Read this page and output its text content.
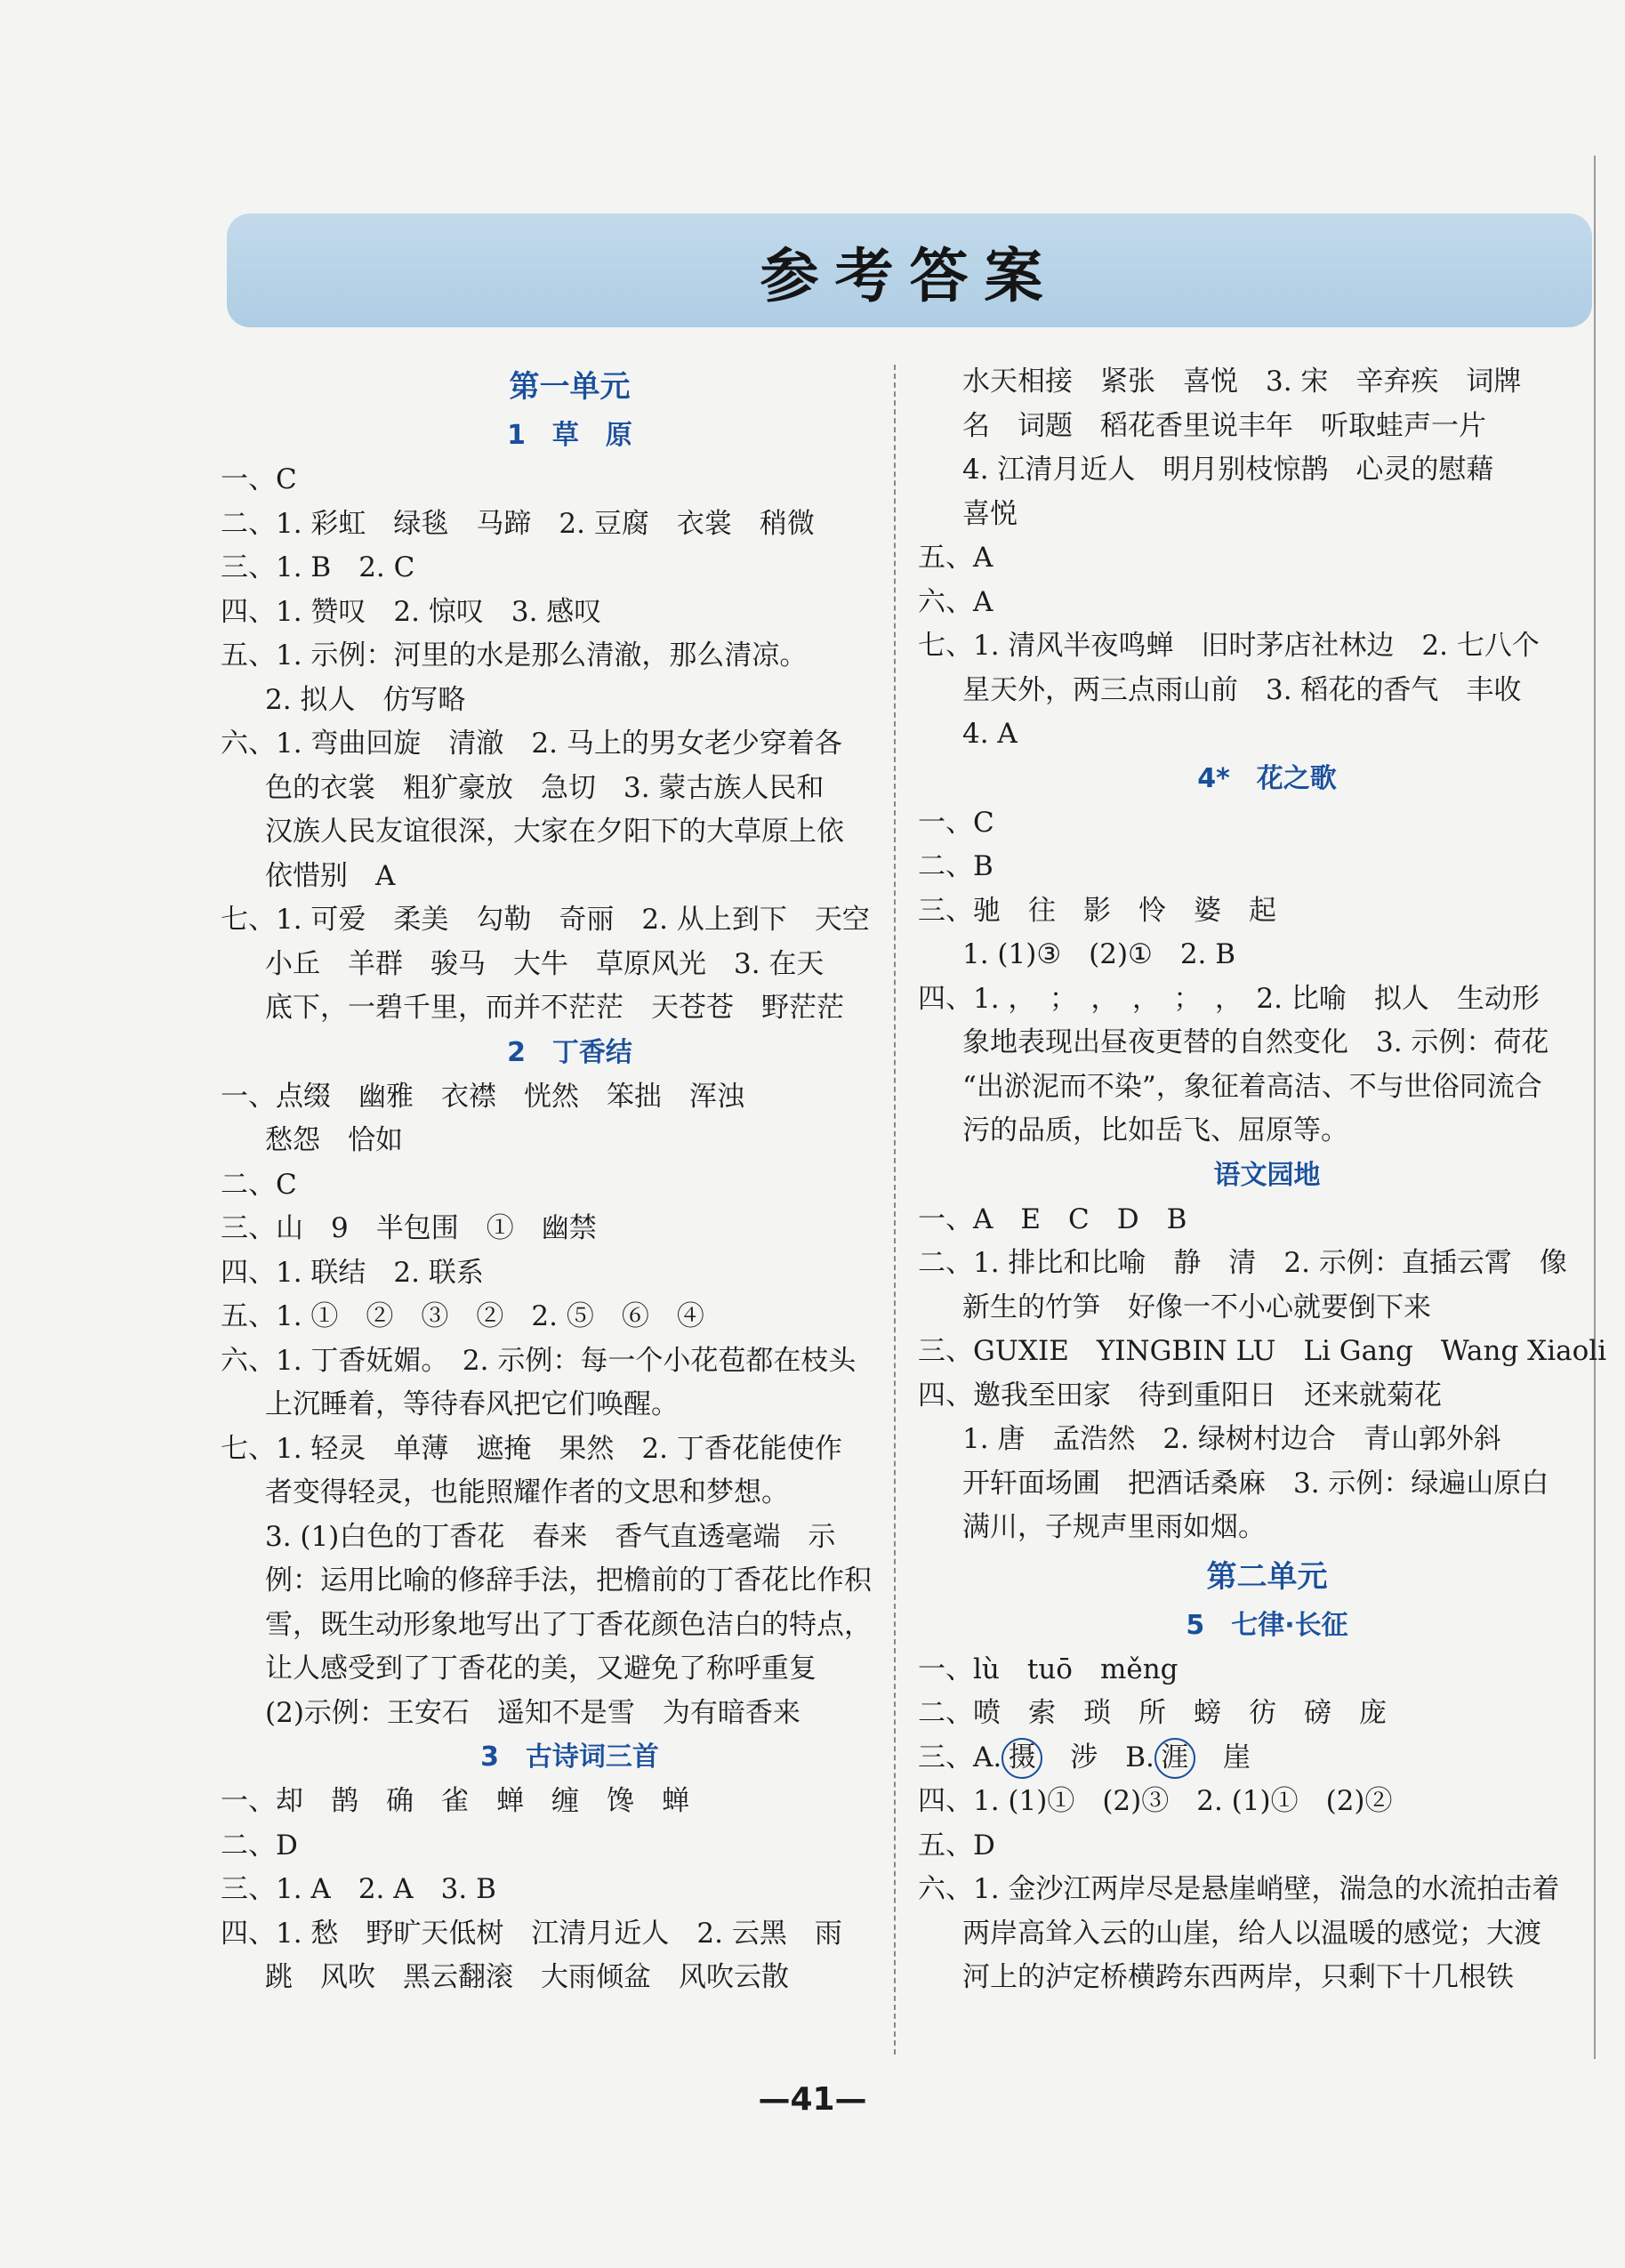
参考答案
第一单元
1　草　原
一、C
二、1. 彩虹　绿毯　马蹄　2. 豆腐　衣裳　稍微
三、1. B　2. C
四、1. 赞叹　2. 惊叹　3. 感叹
五、1. 示例：河里的水是那么清澈，那么清凉。
2. 拟人　仿写略
六、1. 弯曲回旋　清澈　2. 马上的男女老少穿着各
色的衣裳　粗犷豪放　急切　3. 蒙古族人民和
汉族人民友谊很深，大家在夕阳下的大草原上依
依惜别　A
七、1. 可爱　柔美　勾勒　奇丽　2. 从上到下　天空
小丘　羊群　骏马　大牛　草原风光　3. 在天
底下，一碧千里，而并不茫茫　天苍苍　野茫茫
2　丁香结
一、点缀　幽雅　衣襟　恍然　笨拙　浑浊
愁怨　恰如
二、C
三、山　9　半包围　①　幽禁
四、1. 联结　2. 联系
五、1. ①　②　③　②　2. ⑤　⑥　④
六、1. 丁香妩媚。　2. 示例：每一个小花苞都在枝头
上沉睡着，等待春风把它们唤醒。
七、1. 轻灵　单薄　遮掩　果然　2. 丁香花能使作
者变得轻灵，也能照耀作者的文思和梦想。
3. (1)白色的丁香花　春来　香气直透毫端　示
例：运用比喻的修辞手法，把檐前的丁香花比作积
雪，既生动形象地写出了丁香花颜色洁白的特点，
让人感受到了丁香花的美，又避免了称呼重复
(2)示例：王安石　遥知不是雪　为有暗香来
3　古诗词三首
一、却　鹊　确　雀　蝉　缠　馋　蝉
二、D
三、1. A　2. A　3. B
四、1. 愁　野旷天低树　江清月近人　2. 云黑　雨
跳　风吹　黑云翻滚　大雨倾盆　风吹云散
水天相接　紧张　喜悦　3. 宋　辛弃疾　词牌
名　词题　稻花香里说丰年　听取蛙声一片
4. 江清月近人　明月别枝惊鹊　心灵的慰藉
喜悦
五、A
六、A
七、1. 清风半夜鸣蝉　旧时茅店社林边　2. 七八个
星天外，两三点雨山前　3. 稻花的香气　丰收
4. A
4*　花之歌
一、C
二、B
三、驰　往　影　怜　婆　起
1. (1)③　(2)①　2. B
四、1. ，　；　，　，　；　，　2. 比喻　拟人　生动形
象地表现出昼夜更替的自然变化　3. 示例：荷花
“出淤泥而不染”，象征着高洁、不与世俗同流合
污的品质，比如岳飞、屈原等。
语文园地
一、A　E　C　D　B
二、1. 排比和比喻　静　清　2. 示例：直插云霄　像
新生的竹笋　好像一不小心就要倒下来
三、GUXIE　YINGBIN LU　Li Gang　Wang Xiaoli
四、邀我至田家　待到重阳日　还来就菊花
1. 唐　孟浩然　2. 绿树村边合　青山郭外斜
开轩面场圃　把酒话桑麻　3. 示例：绿遍山原白
满川，子规声里雨如烟。
第二单元
5　七律·长征
一、lù　tuō　měng
二、喷　索　琐　所　螃　彷　磅　庞
三、A. 摄　 涉　B. 涯　 崖
四、1. (1)①　(2)③　2. (1)①　(2)②
五、D
六、1. 金沙江两岸尽是悬崖峭壁，湍急的水流拍击着
两岸高耸入云的山崖，给人以温暖的感觉；大渡
河上的泸定桥横跨东西两岸，只剩下十几根铁
—41—
